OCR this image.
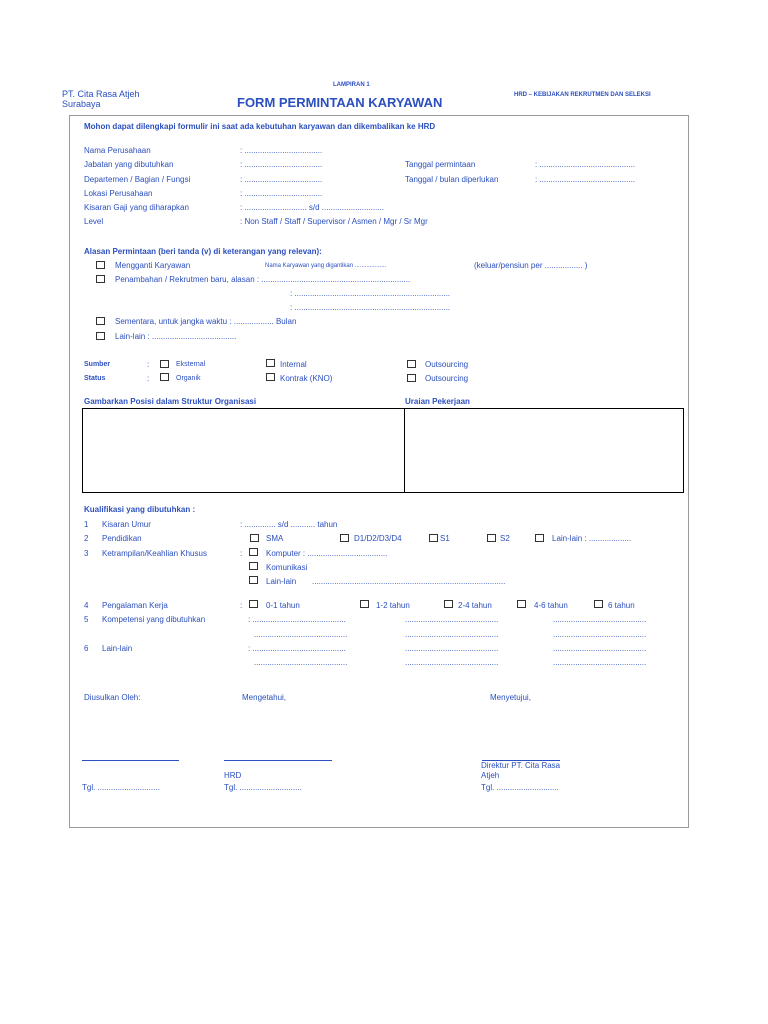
PT. Cita Rasa Atjeh
Surabaya
LAMPIRAN 1
FORM PERMINTAAN KARYAWAN	HRD – KEBIJAKAN REKRUTMEN DAN SELEKSI
Mohon dapat dilengkapi formulir ini saat ada kebutuhan karyawan dan dikembalikan ke HRD
Nama Perusahaan	: ...................................
Jabatan yang dibutuhkan	: ...................................	Tanggal permintaan	: ...........................................
Departemen / Bagian / Fungsi	: ...................................	Tanggal / bulan diperlukan	: ...........................................
Lokasi Perusahaan	: ...................................
Kisaran Gaji yang diharapkan	: ............................ s/d ............................
Level	: Non Staff / Staff / Supervisor / Asmen / Mgr / Sr Mgr
Alasan Permintaan (beri tanda (v) di keterangan yang relevan):
Mengganti Karyawan	Nama Karyawan yang digantikan ...................	(keluar/pensiun per ................. )
Penambahan / Rekrutmen baru, alasan : ...................................................................
: ......................................................................
: ......................................................................
Sementara, untuk jangka waktu : .................. Bulan
Lain-lain : ......................................
Sumber	:	Eksternal	Internal	Outsourcing
Status	:	Organik	Kontrak (KNO)	Outsourcing
Gambarkan Posisi dalam Struktur Organisasi	Uraian Pekerjaan
Kualifikasi yang dibutuhkan :
1 Kisaran Umur	: .............. s/d ........... tahun
2 Pendidikan	SMA	D1/D2/D3/D4	S1	S2	Lain-lain : ...................
3 Ketrampilan/Keahlian Khusus	:	Komputer : ....................................
Komunikasi
Lain-lain .......................................................................................
4 Pengalaman Kerja	:	0-1 tahun	1-2 tahun	2-4 tahun	4-6 tahun	6 tahun
5 Kompetensi yang dibutuhkan	: ..........................................	..........................................	..........................................
..........................................	..........................................	..........................................
6 Lain-lain	: ..........................................	..........................................	..........................................
..........................................	..........................................	..........................................
Diusulkan Oleh:	Mengetahui,	Menyetujui,
HRD
Direktur PT. Cita Rasa
Atjeh
Tgl. ............................	Tgl. ............................	Tgl. ............................
